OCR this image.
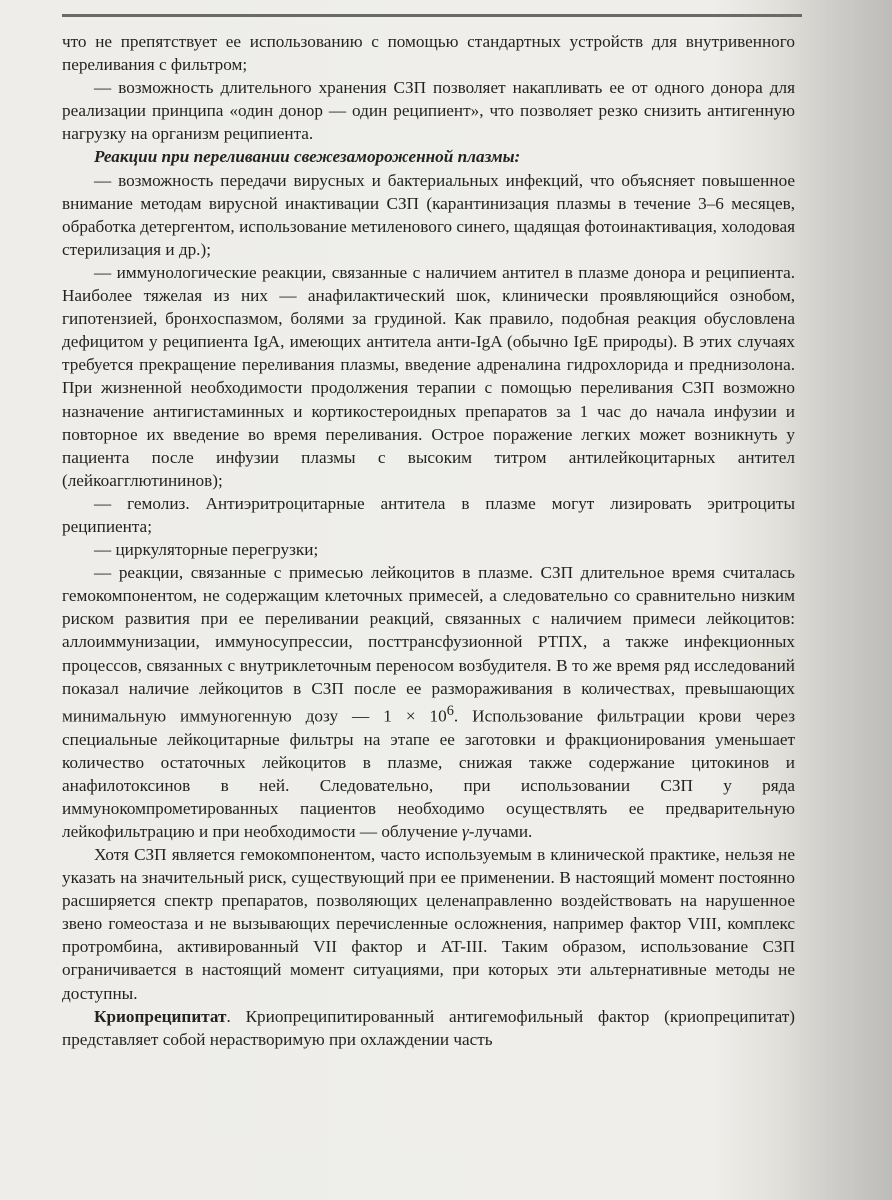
что не препятствует ее использованию с помощью стандартных устройств для внутривенного переливания с фильтром;

— возможность длительного хранения СЗП позволяет накапливать ее от одного донора для реализации принципа «один донор — один реципиент», что позволяет резко снизить антигенную нагрузку на организм реципиента.

Реакции при переливании свежезамороженной плазмы:

— возможность передачи вирусных и бактериальных инфекций, что объясняет повышенное внимание методам вирусной инактивации СЗП (карантинизация плазмы в течение 3–6 месяцев, обработка детергентом, использование метиленового синего, щадящая фотоинактивация, холодовая стерилизация и др.);

— иммунологические реакции, связанные с наличием антител в плазме донора и реципиента. Наиболее тяжелая из них — анафилактический шок, клинически проявляющийся ознобом, гипотензией, бронхоспазмом, болями за грудиной. Как правило, подобная реакция обусловлена дефицитом у реципиента IgA, имеющих антитела анти-IgA (обычно IgE природы). В этих случаях требуется прекращение переливания плазмы, введение адреналина гидрохлорида и преднизолона. При жизненной необходимости продолжения терапии с помощью переливания СЗП возможно назначение антигистаминных и кортикостероидных препаратов за 1 час до начала инфузии и повторное их введение во время переливания. Острое поражение легких может возникнуть у пациента после инфузии плазмы с высоким титром антилейкоцитарных антител (лейкоагглютининов);

— гемолиз. Антиэритроцитарные антитела в плазме могут лизировать эритроциты реципиента;

— циркуляторные перегрузки;

— реакции, связанные с примесью лейкоцитов в плазме. СЗП длительное время считалась гемокомпонентом, не содержащим клеточных примесей, а следовательно со сравнительно низким риском развития при ее переливании реакций, связанных с наличием примеси лейкоцитов: аллоиммунизации, иммуносупрессии, посттрансфузионной РТПХ, а также инфекционных процессов, связанных с внутриклеточным переносом возбудителя. В то же время ряд исследований показал наличие лейкоцитов в СЗП после ее размораживания в количествах, превышающих минимальную иммуногенную дозу — $1 \times 10^6$. Использование фильтрации крови через специальные лейкоцитарные фильтры на этапе ее заготовки и фракционирования уменьшает количество остаточных лейкоцитов в плазме, снижая также содержание цитокинов и анафилотоксинов в ней. Следовательно, при использовании СЗП у ряда иммунокомпрометированных пациентов необходимо осуществлять ее предварительную лейкофильтрацию и при необходимости — облучение γ-лучами.

Хотя СЗП является гемокомпонентом, часто используемым в клинической практике, нельзя не указать на значительный риск, существующий при ее применении. В настоящий момент постоянно расширяется спектр препаратов, позволяющих целенаправленно воздействовать на нарушенное звено гомеостаза и не вызывающих перечисленные осложнения, например фактор VIII, комплекс протромбина, активированный VII фактор и AT-III. Таким образом, использование СЗП ограничивается в настоящий момент ситуациями, при которых эти альтернативные методы не доступны.

Криопреципитат. Криопреципитированный антигемофильный фактор (криопреципитат) представляет собой нерастворимую при охлаждении часть
